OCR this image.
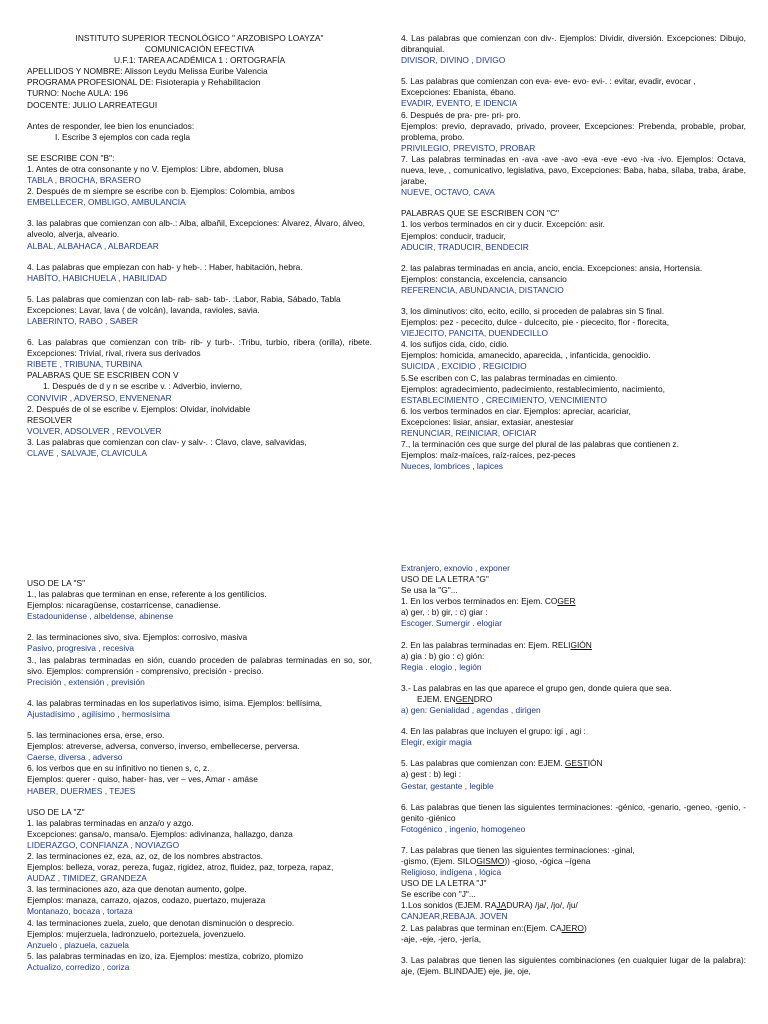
INSTITUTO SUPERIOR TECNOLÓGICO " ARZOBISPO LOAYZA"
COMUNICACIÓN EFECTIVA
U.F.1: TAREA ACADÉMICA 1 : ORTOGRAFÍA
APELLIDOS Y NOMBRE: Alisson Leydu Melissa Euribe Valencia
PROGRAMA PROFESIONAL DE: Fisioterapia y Rehabilitacion
TURNO: Noche AULA: 196
DOCENTE: JULIO LARREATEGUI
Antes de responder, lee bien los enunciados:
I. Escribe 3 ejemplos con cada regla
SE ESCRIBE CON "B":
1. Antes de otra consonante y no V. Ejemplos: Libre, abdomen, blusa
TABLA , BROCHA, BRASERO
2. Después de m siempre se escribe con b. Ejemplos: Colombia, ambos
EMBELLECER, OMBLIGO, AMBULANCIA
3. las palabras que comienzan con alb-.: Alba, albañil, Excepciones: Álvarez, Álvaro, álveo, alveolo, alverja, alveario.
ALBAL, ALBAHACA , ALBARDEAR
4. Las palabras que empiezan con hab- y heb-. : Haber, habitación, hebra.
HABÍTO, HABICHUELA , HABILIDAD
5. Las palabras que comienzan con lab- rab- sab- tab-. :Labor, Rabia, Sábado, Tabla Excepciones: Lavar, lava ( de volcán), lavanda, ravioles, savia.
LABERINTO, RABO , SABER
6. Las palabras que comienzan con trib- rib- y turb-. :Tribu, turbio, ribera (orilla), ribete. Excepciones: Trivial, rival, rivera sus derivados
RIBETE , TRIBUNA, TURBINA
PALABRAS QUE SE ESCRIBEN CON V
1. Después de d y n se escribe v. : Adverbio, invierno,
CONVIVIR , ADVERSO, ENVENENAR
2. Después de ol se escribe v. Ejemplos: Olvidar, inolvidable
RESOLVER
VOLVER, ADSOLVER , REVOLVER
3. Las palabras que comienzan con clav- y salv-. : Clavo, clave, salvavidas,
CLAVE , SALVAJE, CLAVICULA
4. Las palabras que comienzan con div-. Ejemplos: Dividir, diversión. Excepciones: Dibujo, dibranquial.
DIVISOR, DIVINO , DIVIGO
5. Las palabras que comienzan con eva- eve- evo- evi-. : evitar, evadir, evocar , Excepciones: Ebanista, ébano.
EVADIR, EVENTO, E IDENCIA
6. Después de pra- pre- pri- pro.
Ejemplos: previo, depravado, privado, proveer, Excepciones: Prebenda, probable, probar, problema, probo.
PRIVILEGIO, PREVISTO, PROBAR
7. Las palabras terminadas en -ava -ave -avo -eva -eve -evo -iva -ivo. Ejemplos: Octava, nueva, leve, , comunicativo, legislativa, pavo, Excepciones: Baba, haba, sílaba, traba, árabe, jarabe,
NUEVE, OCTAVO, CAVA
PALABRAS QUE SE ESCRIBEN CON "C"
1. los verbos terminados en cir y ducir. Excepción: asir.
Ejemplos: conducir, traducir,
ADUCIR, TRADUCIR, BENDECIR
2. las palabras terminadas en ancia, ancio, encia. Excepciones: ansia, Hortensia.
Ejemplos: constancia, excelencia, cansancio
REFERENCIA, ABUNDANCIA, DISTANCIO
3, los diminutivos: cito, ecito, ecillo, si proceden de palabras sin S final.
Ejemplos: pez - pececito, dulce - dulcecito, pie - piececito, flor - florecita,
VIEJECITO, PANCITA, DUENDECILLO
4. los sufijos cida, cido, cidio.
Ejemplos: homicida, amanecido, aparecida, , infanticida, genocidio.
SUICIDA , EXCIDIO , REGICIDIO
5.Se escriben con C, las palabras terminadas en cimiento.
Ejemplos: agradecimiento, padecimiento, restablecimiento, nacimiento,
ESTABLECIMIENTO , CRECIMIENTO, VENCIMIENTO
6. los verbos terminados en ciar. Ejemplos: apreciar, acariciar,
Excepciones: lisiar, ansiar, extasiar, anestesiar
RENUNCIAR, REINICIAR, OFICIAR
7., la terminación ces que surge del plural de las palabras que contienen z.
Ejemplos: maíz-maíces, raíz-raíces, pez-peces
Nueces, lombrices , lapices
USO DE LA "S"
1., las palabras que terminan en ense, referente a los gentilicios.
Ejemplos: nicaragüense, costarricense, canadiense.
Estadounidense , albeldense, abinense
2. las terminaciones sivo, siva. Ejemplos: corrosivo, masiva
Pasivo, progresiva , recesiva
3., las palabras terminadas en sión, cuando proceden de palabras terminadas en so, sor, sivo. Ejemplos: comprensión - comprensivo, precisión - preciso.
Precisión , extensión , previsión
4. las palabras terminadas en los superlativos isimo, isima. Ejemplos: bellísima,
Ajustadísimo , agilísimo , hermosísima
5. las terminaciones ersa, erse, erso.
Ejemplos: atreverse, adversa, converso, inverso, embellecerse, perversa.
Caerse, diversa , adverso
6. los verbos que en su infinitivo no tienen s, c, z.
Ejemplos: querer - quiso, haber- has, ver – ves, Amar - amáse
HABER, DUERMES , TEJES
USO DE LA "Z"
1. las palabras terminadas en anza/o y azgo.
Excepciones: gansa/o, mansa/o. Ejemplos: adivinanza, hallazgo, danza
LIDERAZGO, CONFIANZA , NOVIAZGO
2. las terminaciones ez, eza, az, oz, de los nombres abstractos.
Ejemplos: belleza, voraz, pereza, fugaz, rigidez, atroz, fluidez, paz, torpeza, rapaz,
AUDAZ , TIMIDEZ, GRANDEZA
3. las terminaciones azo, aza que denotan aumento, golpe.
Ejemplos: manaza, carrazo, ojazos, codazo, puertazo, mujeraza
Montanazo, bocaza , tortaza
4. las terminaciones zuela, zuelo, que denotan disminución o desprecio.
Ejemplos: mujerzuela, ladronzuelo, portezuela, jovenzuelo.
Anzuelo , plazuela, cazuela
5. las palabras terminadas en izo, iza. Ejemplos: mestiza, cobrizo, plomizo
Actualizo, corredizo , coriza
Extranjero, exnovio , exponer
USO DE LA LETRA "G"
Se usa la "G"...
1. En los verbos terminados en: Ejem. COGER
a) ger, : b) gir, : c) giar :
Escoger. Sumergir . elogiar
2. En las palabras terminadas en: Ejem. RELIGIÓN
a) gia : b) gio : c) gión:
Regia . elogio , legión
3.- Las palabras en las que aparece el grupo gen, donde quiera que sea.
EJEM. ENGENDRO
a) gen: Genialidad , agendas , dirigen
4. En las palabras que incluyen el grupo: igi , agi :
Elegir, exigir magia
5. Las palabras que comienzan con: EJEM. GESTIÓN
a) gest : b) legi :
Gestar, gestante , legible
6. Las palabras que tienen las siguientes terminaciones: -génico, -genario, -geneo, -genio, -genito -giénico
Fotogénico , ingenio, homogeneo
7. Las palabras que tienen las siguientes terminaciones: -ginal,
-gismo, (Ejem. SILOGISMO)) -gioso, -ógica –ígena
Religioso, indígena , lógica
USO DE LA LETRA "J"
Se escribe con "J"...
1.Los sonidos (EJEM. RAJADURA) /ja/, /jo/, /ju/
CANJEAR,REBAJA. JOVEN
2. Las palabras que terminan en:(Ejem. CAJERO)
-aje, -eje, -jero, -jería,
3. Las palabras que tienen las siguientes combinaciones (en cualquier lugar de la palabra): aje, (Ejem. BLINDAJE) eje, jie, oje,
